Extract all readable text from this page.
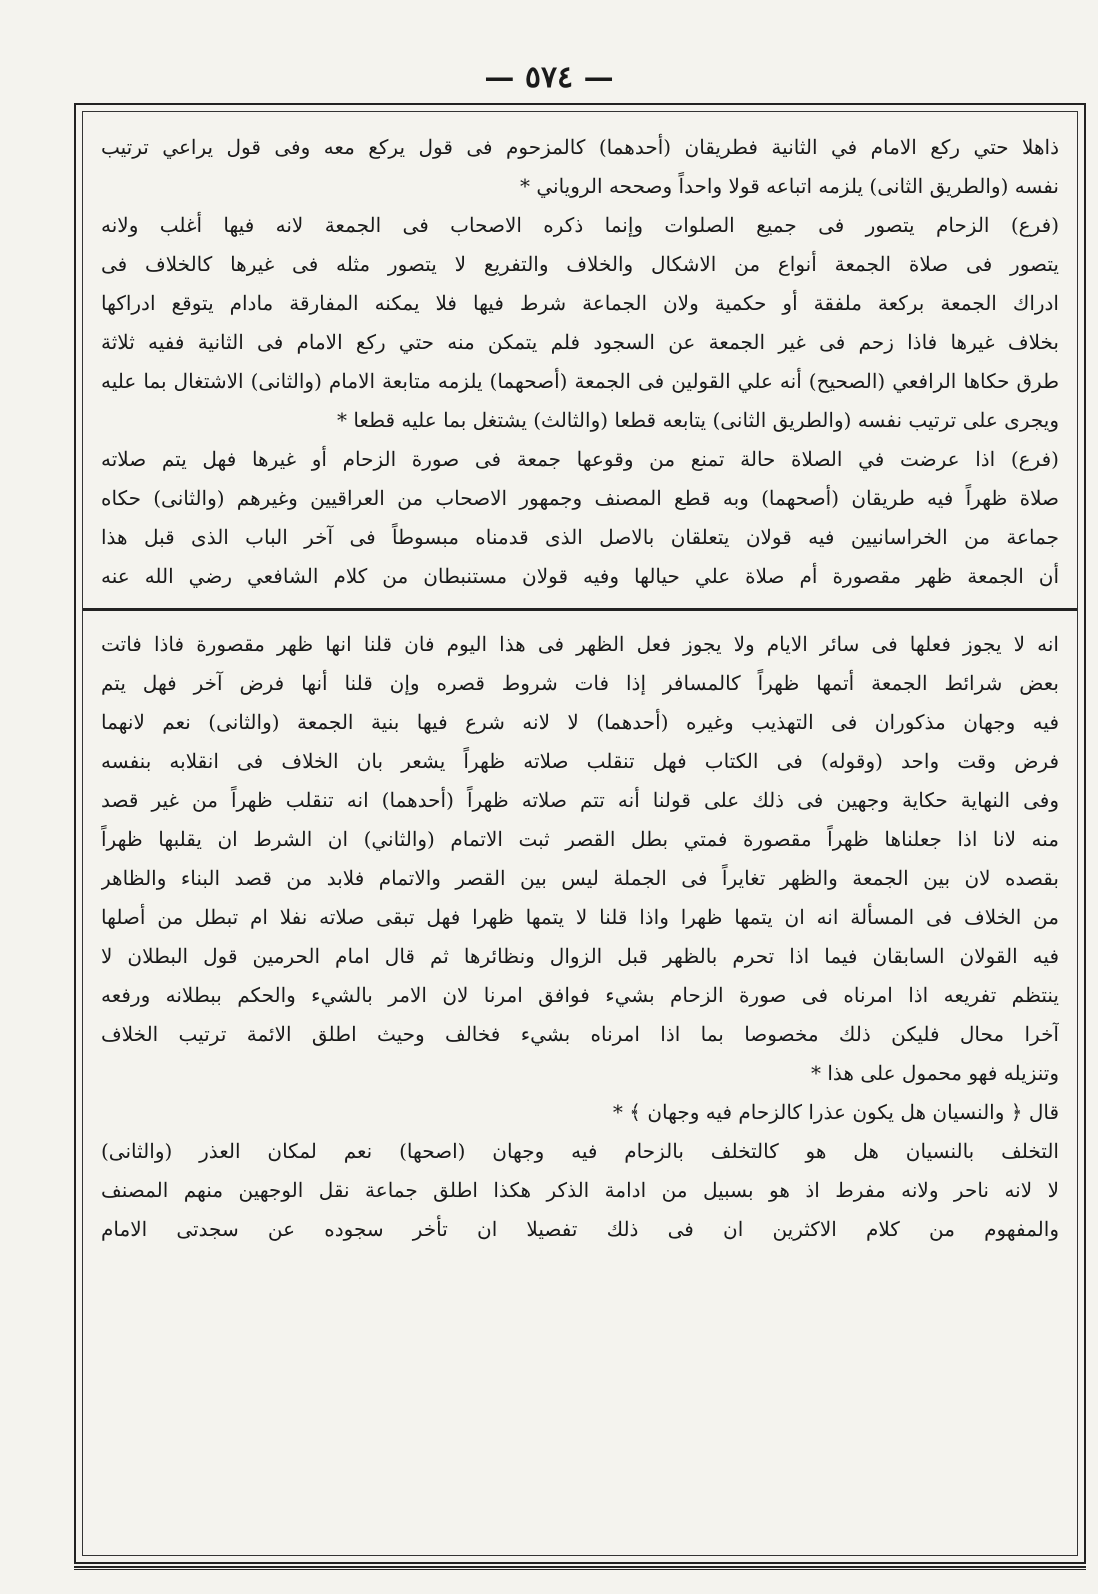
— ٥٧٤ —
ذاهلا حتي ركع الامام في الثانية فطريقان (أحدهما) كالمزحوم فى قول يركع معه وفى قول يراعي ترتيب
نفسه (والطريق الثانى) يلزمه اتباعه قولا واحداً وصححه الروياني *
(فرع) الزحام يتصور فى جميع الصلوات وإنما ذكره الاصحاب فى الجمعة لانه فيها أغلب ولانه
يتصور فى صلاة الجمعة أنواع من الاشكال والخلاف والتفريع لا يتصور مثله فى غيرها كالخلاف فى
ادراك الجمعة بركعة ملفقة أو حكمية ولان الجماعة شرط فيها فلا يمكنه المفارقة مادام يتوقع ادراكها
بخلاف غيرها فاذا زحم فى غير الجمعة عن السجود فلم يتمكن منه حتي ركع الامام فى الثانية ففيه ثلاثة
طرق حكاها الرافعي (الصحيح) أنه علي القولين فى الجمعة (أصحهما) يلزمه متابعة الامام (والثانى) الاشتغال بما عليه
ويجرى على ترتيب نفسه (والطريق الثانى) يتابعه قطعا (والثالث) يشتغل بما عليه قطعا *
(فرع) اذا عرضت في الصلاة حالة تمنع من وقوعها جمعة فى صورة الزحام أو غيرها فهل يتم صلاته
صلاة ظهراً فيه طريقان (أصحهما) وبه قطع المصنف وجمهور الاصحاب من العراقيين وغيرهم (والثانى) حكاه
جماعة من الخراسانيين فيه قولان يتعلقان بالاصل الذى قدمناه مبسوطاً فى آخر الباب الذى قبل هذا
أن الجمعة ظهر مقصورة أم صلاة علي حيالها وفيه قولان مستنبطان من كلام الشافعي رضي الله عنه
انه لا يجوز فعلها فى سائر الايام ولا يجوز فعل الظهر فى هذا اليوم فان قلنا انها ظهر مقصورة فاذا فاتت
بعض شرائط الجمعة أتمها ظهراً كالمسافر إذا فات شروط قصره وإن قلنا أنها فرض آخر فهل يتم
فيه وجهان مذكوران فى التهذيب وغيره (أحدهما) لا لانه شرع فيها بنية الجمعة (والثانى) نعم لانهما
فرض وقت واحد (وقوله) فى الكتاب فهل تنقلب صلاته ظهراً يشعر بان الخلاف فى انقلابه بنفسه
وفى النهاية حكاية وجهين فى ذلك على قولنا أنه تتم صلاته ظهراً (أحدهما) انه تنقلب ظهراً من غير قصد
منه لانا اذا جعلناها ظهراً مقصورة فمتي بطل القصر ثبت الاتمام (والثاني) ان الشرط ان يقلبها ظهراً
بقصده لان بين الجمعة والظهر تغايراً فى الجملة ليس بين القصر والاتمام فلابد من قصد البناء والظاهر
من الخلاف فى المسألة انه ان يتمها ظهرا واذا قلنا لا يتمها ظهرا فهل تبقى صلاته نفلا ام تبطل من أصلها
فيه القولان السابقان فيما اذا تحرم بالظهر قبل الزوال ونظائرها ثم قال امام الحرمين قول البطلان لا
ينتظم تفريعه اذا امرناه فى صورة الزحام بشيء فوافق امرنا لان الامر بالشيء والحكم ببطلانه ورفعه
آخرا محال فليكن ذلك مخصوصا بما اذا امرناه بشيء فخالف وحيث اطلق الائمة ترتيب الخلاف
وتنزيله فهو محمول على هذا *
قال ﴿ والنسيان هل يكون عذرا كالزحام فيه وجهان ﴾ *
التخلف بالنسيان هل هو كالتخلف بالزحام فيه وجهان (اصحها) نعم لمكان العذر (والثانى)
لا لانه ناحر ولانه مفرط اذ هو بسبيل من ادامة الذكر هكذا اطلق جماعة نقل الوجهين منهم المصنف
والمفهوم من كلام الاكثرين ان فى ذلك تفصيلا ان تأخر سجوده عن سجدتى الامام
